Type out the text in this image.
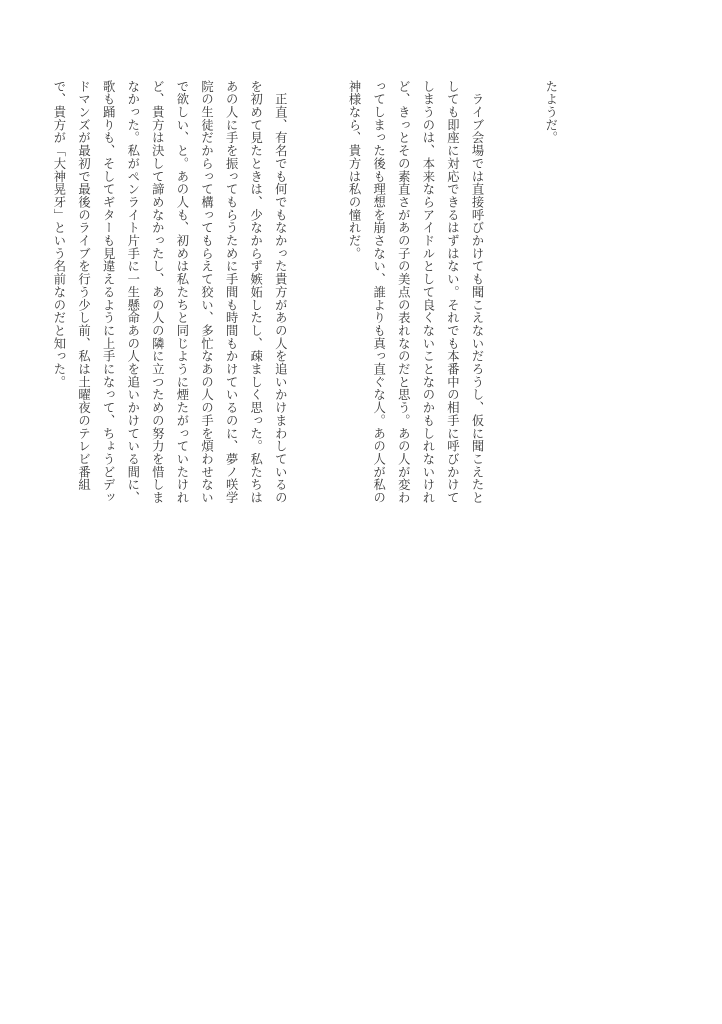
たようだ。

　ライブ会場では直接呼びかけても聞こえないだろうし、仮に聞こえたとしても即座に対応できるはずはない。それでも本番中の相手に呼びかけてしまうのは、本来ならアイドルとして良くないことなのかもしれないけれど、きっとその素直さがあの子の美点の表れなのだと思う。あの人が変わってしまった後も理想を崩さない、誰よりも真っ直ぐな人。あの人が私の神様なら、貴方は私の憧れだ。

　正直、有名でも何でもなかった貴方があの人を追いかけまわしているのを初めて見たときは、少なからず嫉妬したし、疎ましく思った。私たちはあの人に手を振ってもらうために手間も時間もかけているのに、夢ノ咲学院の生徒だからって構ってもらえて狡い、多忙なあの人の手を煩わせないで欲しい、と。あの人も、初めは私たちと同じように煙たがっていたけれど、貴方は決して諦めなかったし、あの人の隣に立つための努力を惜しまなかった。私がペンライト片手に一生懸命あの人を追いかけている間に、歌も踊りも、そしてギターも見違えるように上手になって、ちょうどデッドマンズが最初で最後のライブを行う少し前、私は土曜夜のテレビ番組で、貴方が「大神晃牙」という名前なのだと知った。
